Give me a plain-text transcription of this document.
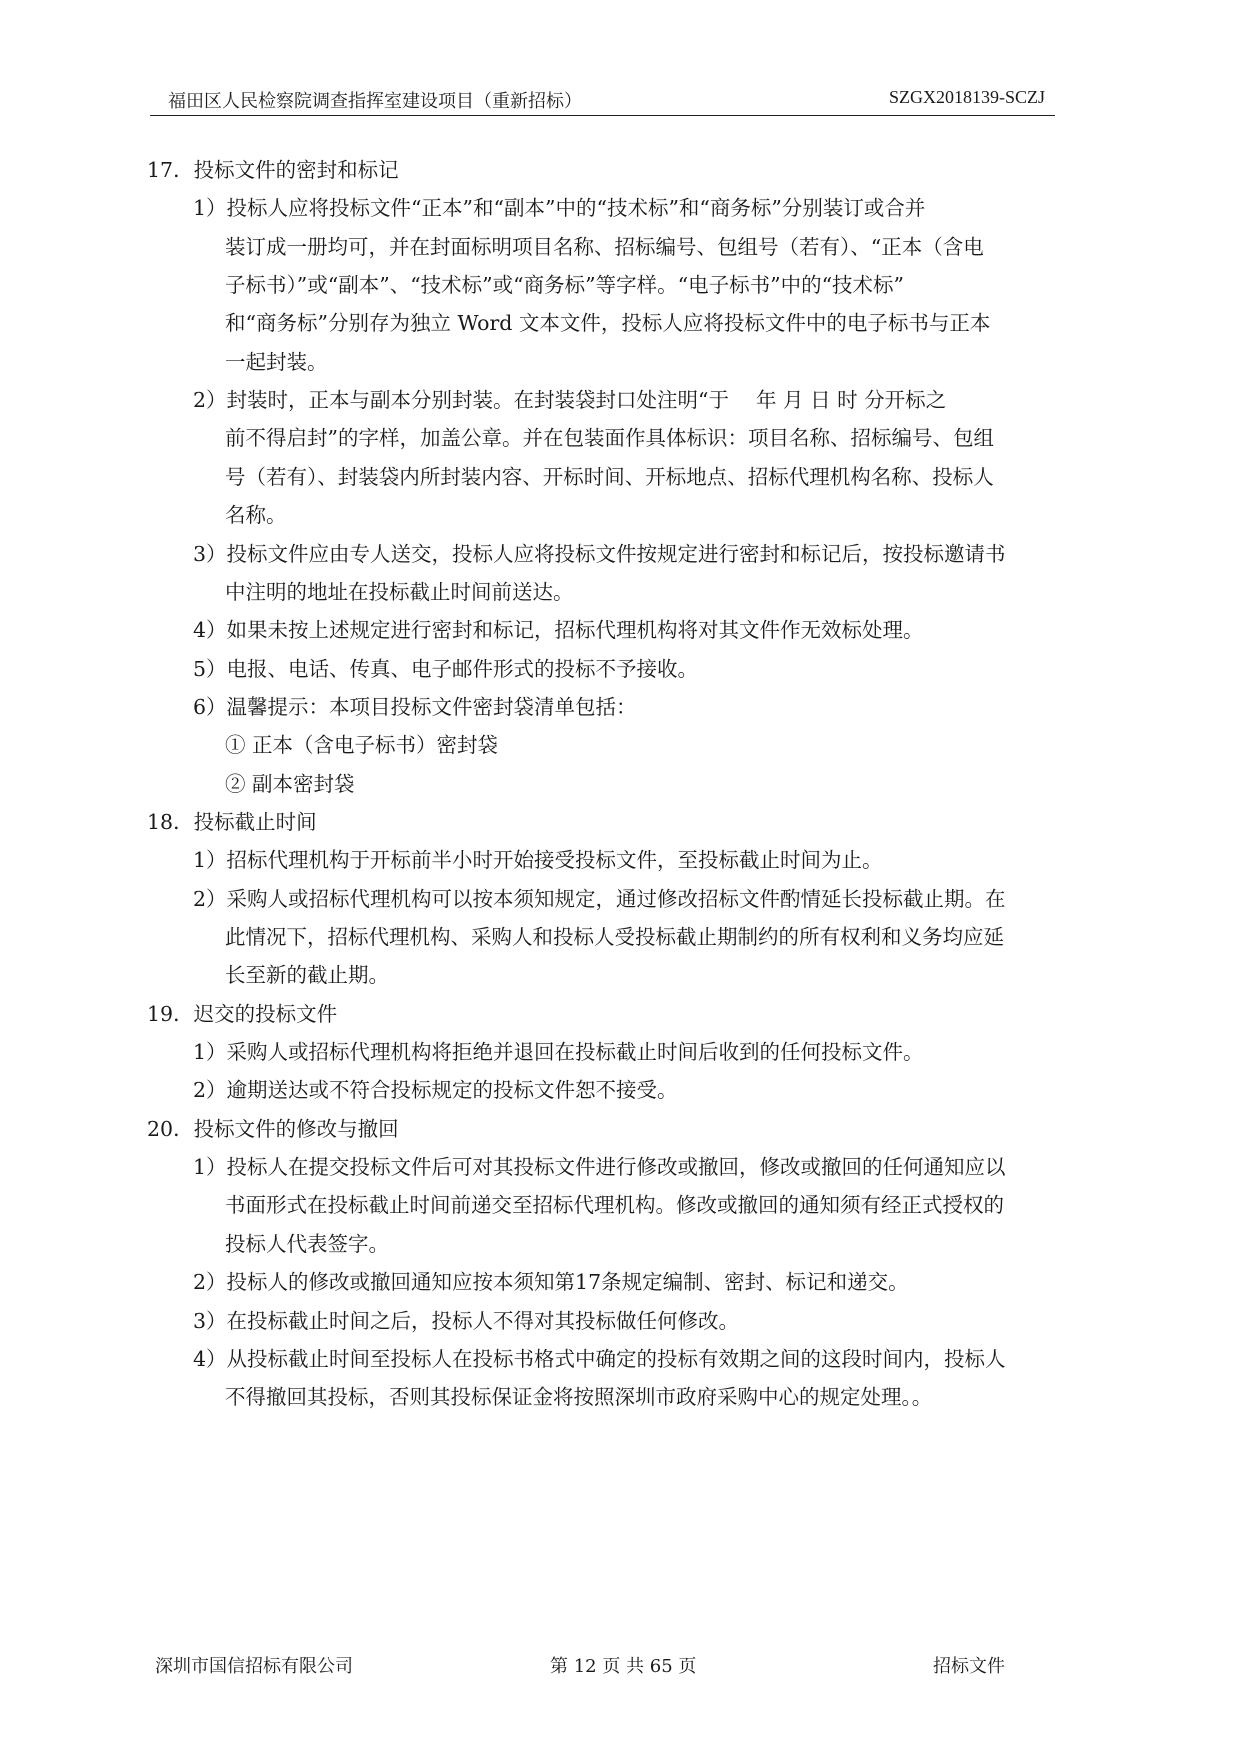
福田区人民检察院调查指挥室建设项目（重新招标）	SZGX2018139-SCZJ
17．投标文件的密封和标记
1）投标人应将投标文件“正本”和“副本”中的“技术标”和“商务标”分别装订或合并
装订成一册均可，并在封面标明项目名称、招标编号、包组号（若有）、“正本（含电
子标书）”或“副本”、“技术标”或“商务标”等字样。“电子标书”中的“技术标”
和“商务标”分别存为独立 Word 文本文件，投标人应将投标文件中的电子标书与正本
一起封装。
2）封装时，正本与副本分别封装。在封装袋封口处注明“于　 年 月 日 时 分开标之
前不得启封”的字样，加盖公章。并在包装面作具体标识：项目名称、招标编号、包组
号（若有）、封装袋内所封装内容、开标时间、开标地点、招标代理机构名称、投标人
名称。
3）投标文件应由专人送交，投标人应将投标文件按规定进行密封和标记后，按投标邀请书
中注明的地址在投标截止时间前送达。
4）如果未按上述规定进行密封和标记，招标代理机构将对其文件作无效标处理。
5）电报、电话、传真、电子邮件形式的投标不予接收。
6）温馨提示：本项目投标文件密封袋清单包括：
① 正本（含电子标书）密封袋
② 副本密封袋
18．投标截止时间
1）招标代理机构于开标前半小时开始接受投标文件，至投标截止时间为止。
2）采购人或招标代理机构可以按本须知规定，通过修改招标文件酌情延长投标截止期。在
此情况下，招标代理机构、采购人和投标人受投标截止期制约的所有权利和义务均应延
长至新的截止期。
19．迟交的投标文件
1）采购人或招标代理机构将拒绝并退回在投标截止时间后收到的任何投标文件。
2）逾期送达或不符合投标规定的投标文件恕不接受。
20．投标文件的修改与撤回
1）投标人在提交投标文件后可对其投标文件进行修改或撤回，修改或撤回的任何通知应以
书面形式在投标截止时间前递交至招标代理机构。修改或撤回的通知须有经正式授权的
投标人代表签字。
2）投标人的修改或撤回通知应按本须知第17条规定编制、密封、标记和递交。
3）在投标截止时间之后，投标人不得对其投标做任何修改。
4）从投标截止时间至投标人在投标书格式中确定的投标有效期之间的这段时间内，投标人
不得撤回其投标，否则其投标保证金将按照深圳市政府采购中心的规定处理。。
深圳市国信招标有限公司	第 12 页 共 65 页	招标文件
